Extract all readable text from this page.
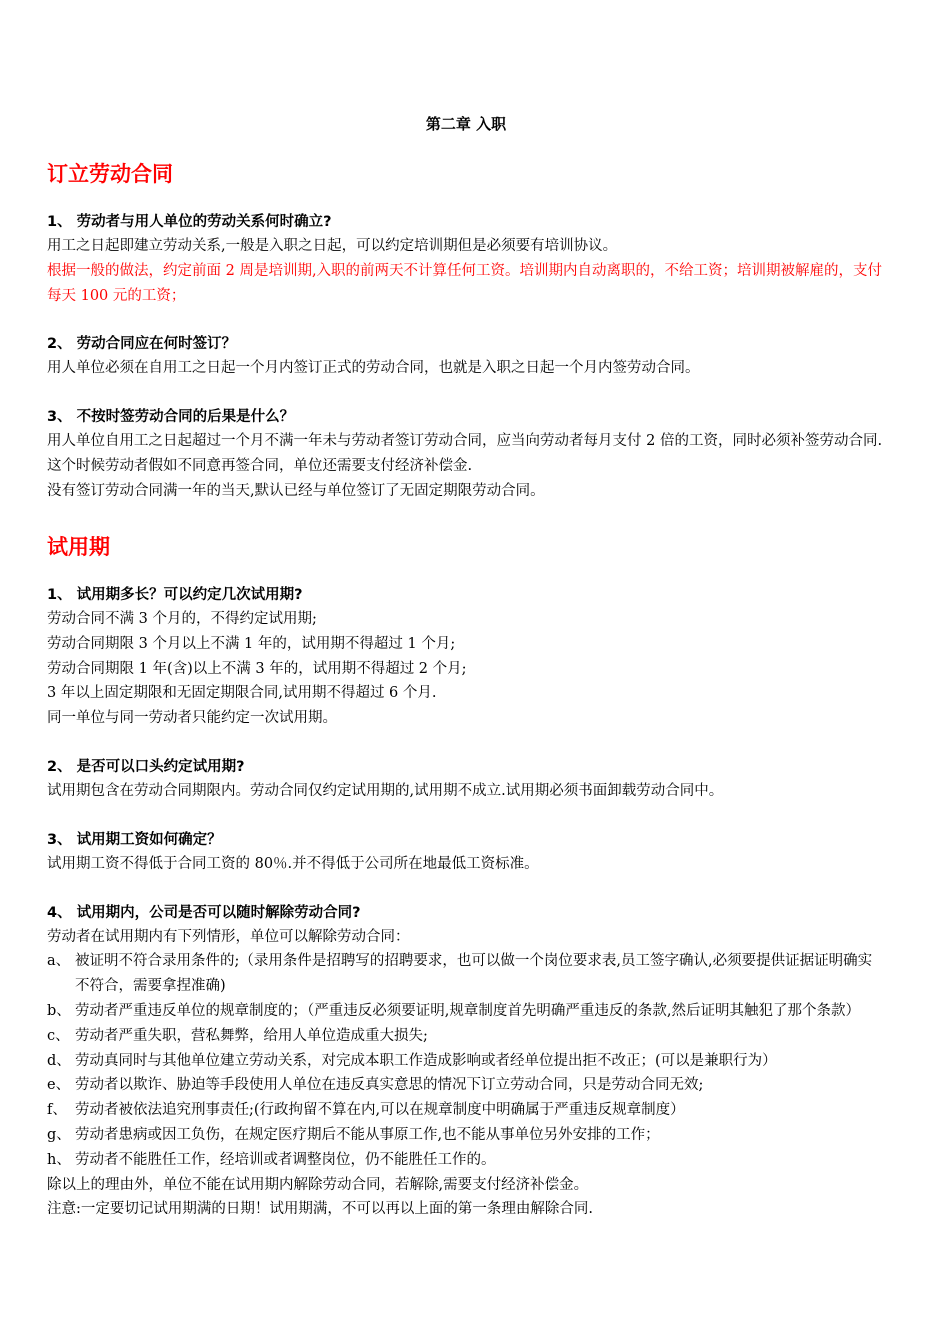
第二章 入职
订立劳动合同
1、 劳动者与用人单位的劳动关系何时确立?
用工之日起即建立劳动关系,一般是入职之日起，可以约定培训期但是必须要有培训协议。
根据一般的做法，约定前面 2 周是培训期,入职的前两天不计算任何工资。培训期内自动离职的，不给工资；培训期被解雇的，支付每天 100 元的工资；
2、 劳动合同应在何时签订？
用人单位必须在自用工之日起一个月内签订正式的劳动合同，也就是入职之日起一个月内签劳动合同。
3、 不按时签劳动合同的后果是什么？
用人单位自用工之日起超过一个月不满一年未与劳动者签订劳动合同，应当向劳动者每月支付 2 倍的工资，同时必须补签劳动合同.这个时候劳动者假如不同意再签合同，单位还需要支付经济补偿金.
没有签订劳动合同满一年的当天,默认已经与单位签订了无固定期限劳动合同。
试用期
1、 试用期多长？可以约定几次试用期?
劳动合同不满 3 个月的，不得约定试用期;
劳动合同期限 3 个月以上不满 1 年的，试用期不得超过 1 个月;
劳动合同期限 1 年(含)以上不满 3 年的，试用期不得超过 2 个月;
3 年以上固定期限和无固定期限合同,试用期不得超过 6 个月.
同一单位与同一劳动者只能约定一次试用期。
2、 是否可以口头约定试用期?
试用期包含在劳动合同期限内。劳动合同仅约定试用期的,试用期不成立.试用期必须书面卸载劳动合同中。
3、 试用期工资如何确定？
试用期工资不得低于合同工资的 80％.并不得低于公司所在地最低工资标准。
4、 试用期内，公司是否可以随时解除劳动合同?
劳动者在试用期内有下列情形，单位可以解除劳动合同：
a、 被证明不符合录用条件的;（录用条件是招聘写的招聘要求，也可以做一个岗位要求表,员工签字确认,必须要提供证据证明确实不符合，需要拿捏准确)
b、 劳动者严重违反单位的规章制度的；（严重违反必须要证明,规章制度首先明确严重违反的条款,然后证明其触犯了那个条款）
c、 劳动者严重失职，营私舞弊，给用人单位造成重大损失;
d、 劳动真同时与其他单位建立劳动关系，对完成本职工作造成影响或者经单位提出拒不改正；(可以是兼职行为）
e、 劳动者以欺诈、胁迫等手段使用人单位在违反真实意思的情况下订立劳动合同，只是劳动合同无效;
f、 劳动者被依法追究刑事责任;(行政拘留不算在内,可以在规章制度中明确属于严重违反规章制度）
g、 劳动者患病或因工负伤，在规定医疗期后不能从事原工作,也不能从事单位另外安排的工作；
h、 劳动者不能胜任工作，经培训或者调整岗位，仍不能胜任工作的。
除以上的理由外，单位不能在试用期内解除劳动合同，若解除,需要支付经济补偿金。
注意:一定要切记试用期满的日期！试用期满，不可以再以上面的第一条理由解除合同.
